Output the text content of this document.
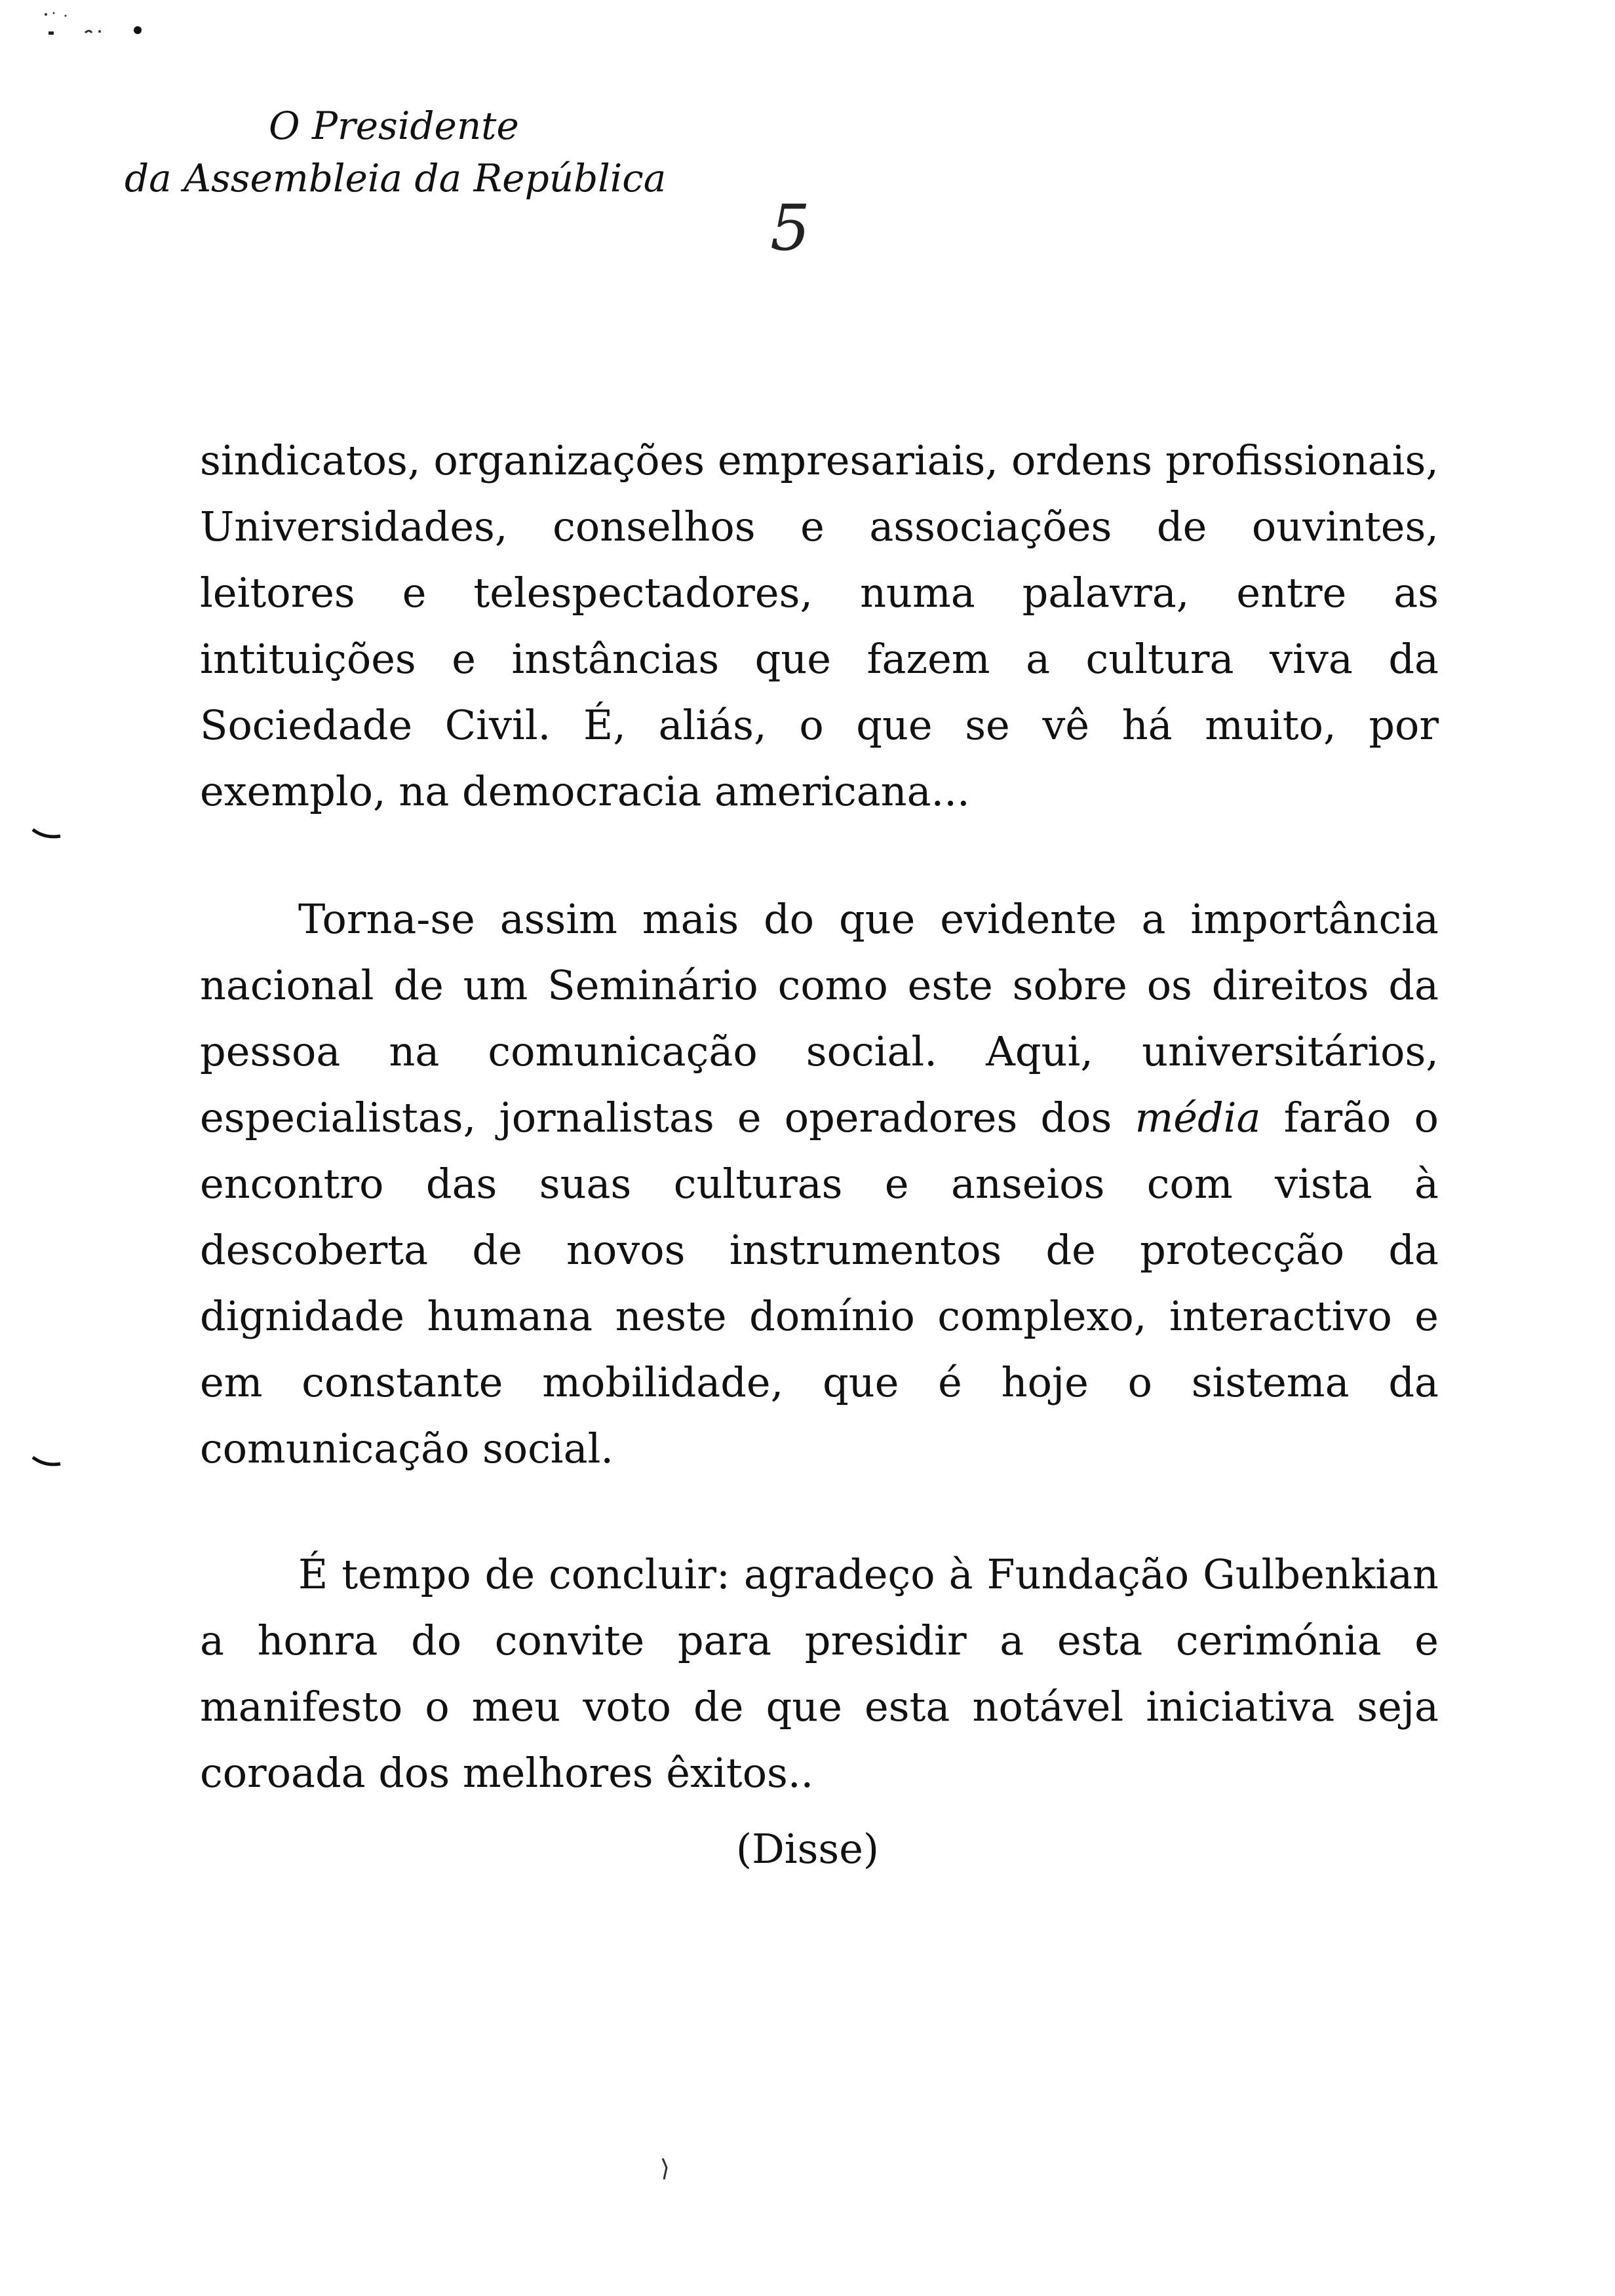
O Presidente
da Assembleia da República
5

sindicatos, organizações empresariais, ordens profissionais, Universidades, conselhos e associações de ouvintes, leitores e telespectadores, numa palavra, entre as intituições e instâncias que fazem a cultura viva da Sociedade Civil. É, aliás, o que se vê há muito, por exemplo, na democracia americana...

Torna-se assim mais do que evidente a importância nacional de um Seminário como este sobre os direitos da pessoa na comunicação social. Aqui, universitários, especialistas, jornalistas e operadores dos média farão o encontro das suas culturas e anseios com vista à descoberta de novos instrumentos de protecção da dignidade humana neste domínio complexo, interactivo e em constante mobilidade, que é hoje o sistema da comunicação social.

É tempo de concluir: agradeço à Fundação Gulbenkian a honra do convite para presidir a esta cerimónia e manifesto o meu voto de que esta notável iniciativa seja coroada dos melhores êxitos..

(Disse)
